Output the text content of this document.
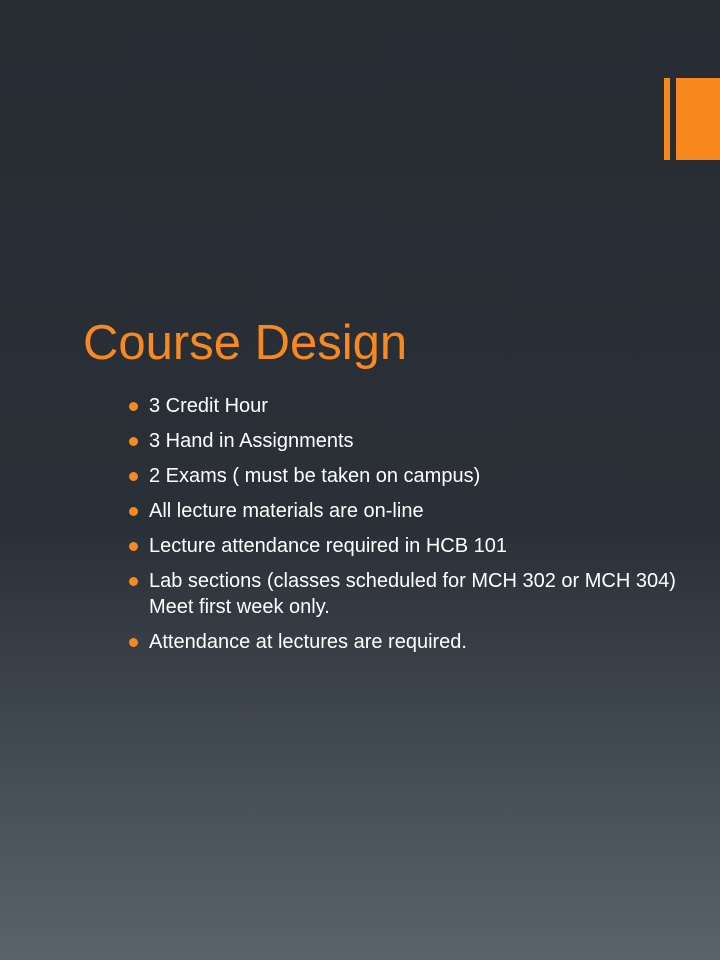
Course Design
3 Credit Hour
3 Hand in Assignments
2 Exams ( must be taken on campus)
All lecture materials are on-line
Lecture attendance required in HCB 101
Lab sections (classes scheduled for MCH 302 or MCH 304) Meet first week only.
Attendance at lectures are required.
